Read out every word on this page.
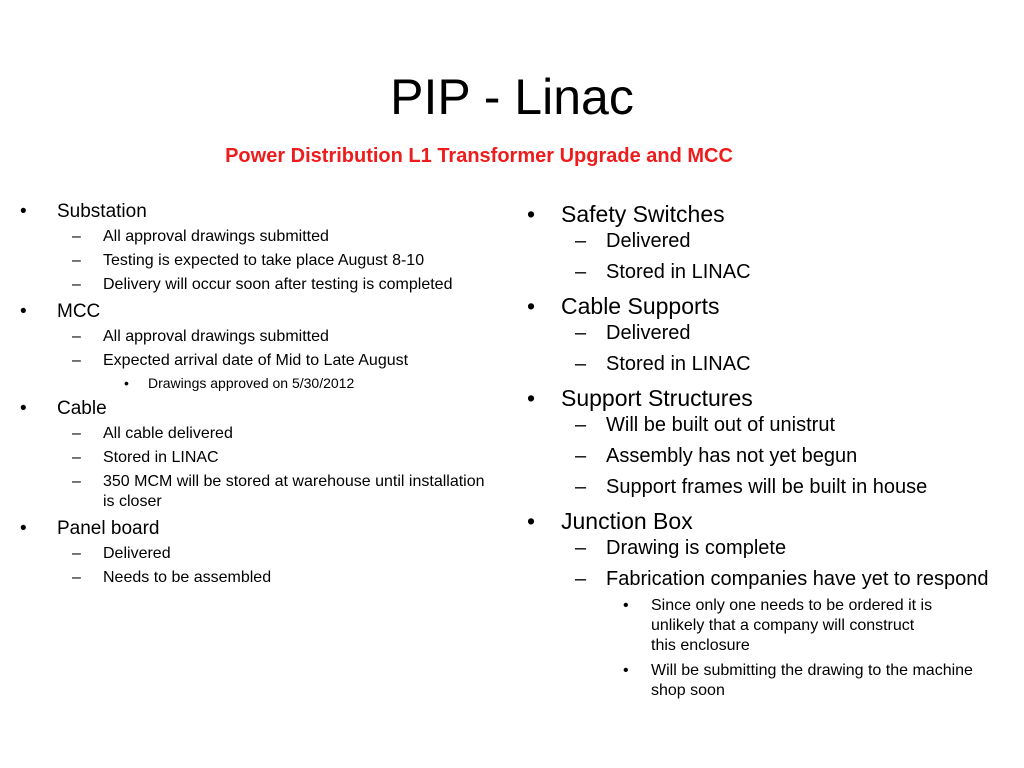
PIP - Linac
Power Distribution L1 Transformer Upgrade and MCC
• Substation
– All approval drawings submitted
– Testing is expected to take place August 8-10
– Delivery will occur soon after testing is completed
• MCC
– All approval drawings submitted
– Expected arrival date of Mid to Late August
• Drawings approved on 5/30/2012
• Cable
– All cable delivered
– Stored in LINAC
– 350 MCM will be stored at warehouse until installation is closer
• Panel board
– Delivered
– Needs to be assembled
• Safety Switches
– Delivered
– Stored in LINAC
• Cable Supports
– Delivered
– Stored in LINAC
• Support Structures
– Will be built out of unistrut
– Assembly has not yet begun
– Support frames will be built in house
• Junction Box
– Drawing is complete
– Fabrication companies have yet to respond
• Since only one needs to be ordered it is unlikely that a company will construct this enclosure
• Will be submitting the drawing to the machine shop soon
